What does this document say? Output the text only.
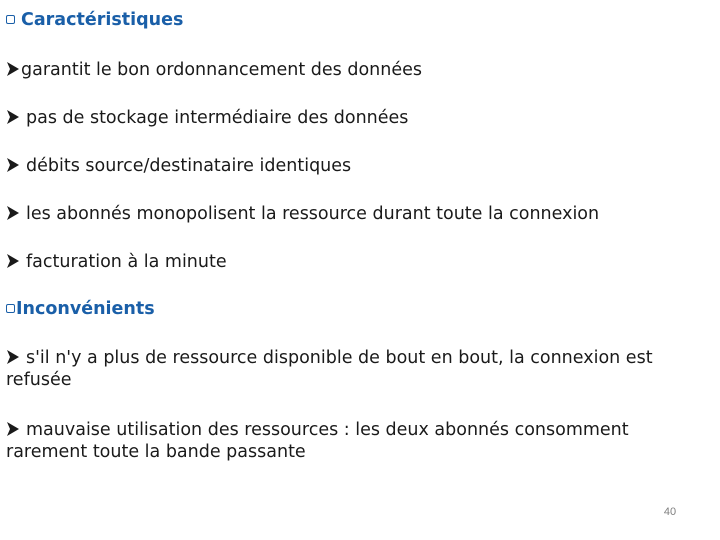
Caractéristiques
garantit le bon ordonnancement des données
pas de stockage intermédiaire des données
débits source/destinataire identiques
les abonnés monopolisent la ressource durant toute la connexion
facturation à la minute
Inconvénients
s'il n'y a plus de ressource disponible de bout en bout, la connexion est refusée
mauvaise utilisation des ressources : les deux abonnés consomment rarement toute la bande passante
40
